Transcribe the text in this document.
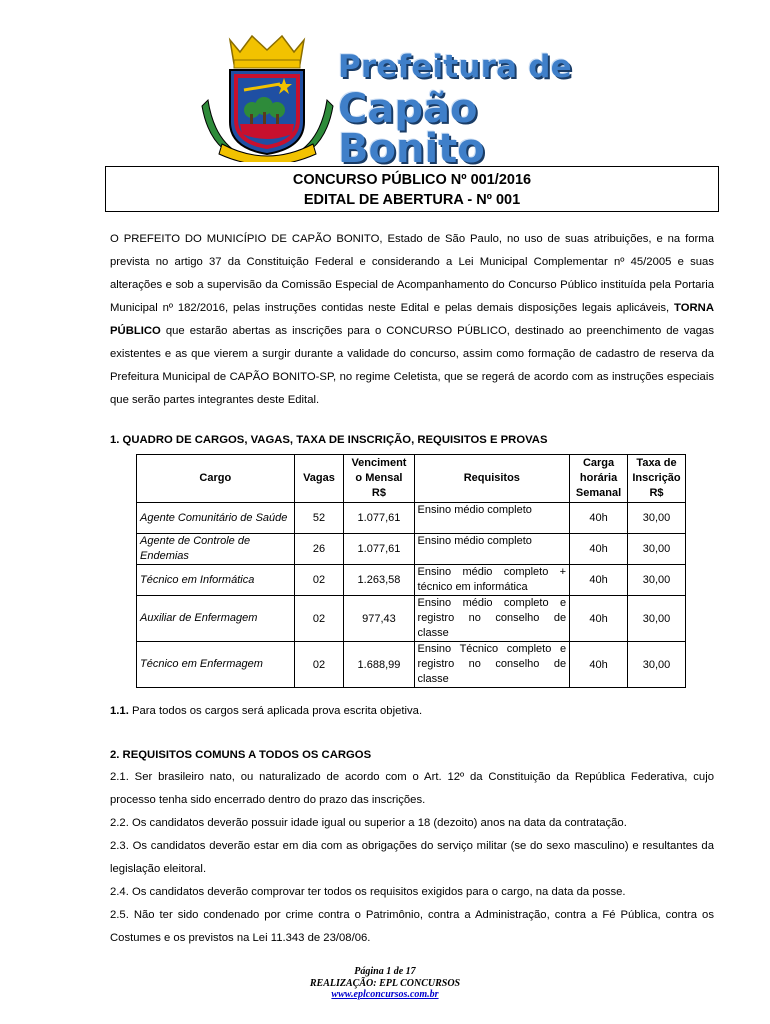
Prefeitura de
Capão Bonito
CONCURSO PÚBLICO Nº 001/2016
EDITAL DE ABERTURA - Nº 001
O PREFEITO DO MUNICÍPIO DE CAPÃO BONITO, Estado de São Paulo, no uso de suas atribuições, e na forma prevista no artigo 37 da Constituição Federal e considerando a Lei Municipal Complementar nº 45/2005 e suas alterações e sob a supervisão da Comissão Especial de Acompanhamento do Concurso Público instituída pela Portaria Municipal nº 182/2016, pelas instruções contidas neste Edital e pelas demais disposições legais aplicáveis, TORNA PÚBLICO que estarão abertas as inscrições para o CONCURSO PÚBLICO, destinado ao preenchimento de vagas existentes e as que vierem a surgir durante a validade do concurso, assim como formação de cadastro de reserva da Prefeitura Municipal de CAPÃO BONITO-SP, no regime Celetista, que se regerá de acordo com as instruções especiais que serão partes integrantes deste Edital.
1. QUADRO DE CARGOS, VAGAS, TAXA DE INSCRIÇÃO, REQUISITOS E PROVAS
Cargo	Vagas	Venciment o Mensal R$	Requisitos	Carga horária Semanal	Taxa de Inscrição R$
Agente Comunitário de Saúde	52	1.077,61	Ensino médio completo	40h	30,00
Agente de Controle de Endemias	26	1.077,61	Ensino médio completo	40h	30,00
Técnico em Informática	02	1.263,58	Ensino médio completo + técnico em informática	40h	30,00
Auxiliar de Enfermagem	02	977,43	Ensino médio completo e registro no conselho de classe	40h	30,00
Técnico em Enfermagem	02	1.688,99	Ensino Técnico completo e registro no conselho de classe	40h	30,00
1.1. Para todos os cargos será aplicada prova escrita objetiva.
2. REQUISITOS COMUNS A TODOS OS CARGOS
2.1. Ser brasileiro nato, ou naturalizado de acordo com o Art. 12º da Constituição da República Federativa, cujo processo tenha sido encerrado dentro do prazo das inscrições.
2.2. Os candidatos deverão possuir idade igual ou superior a 18 (dezoito) anos na data da contratação.
2.3. Os candidatos deverão estar em dia com as obrigações do serviço militar (se do sexo masculino) e resultantes da legislação eleitoral.
2.4. Os candidatos deverão comprovar ter todos os requisitos exigidos para o cargo, na data da posse.
2.5. Não ter sido condenado por crime contra o Patrimônio, contra a Administração, contra a Fé Pública, contra os Costumes e os previstos na Lei 11.343 de 23/08/06.
Página 1 de 17
REALIZAÇÃO: EPL CONCURSOS
www.eplconcursos.com.br
